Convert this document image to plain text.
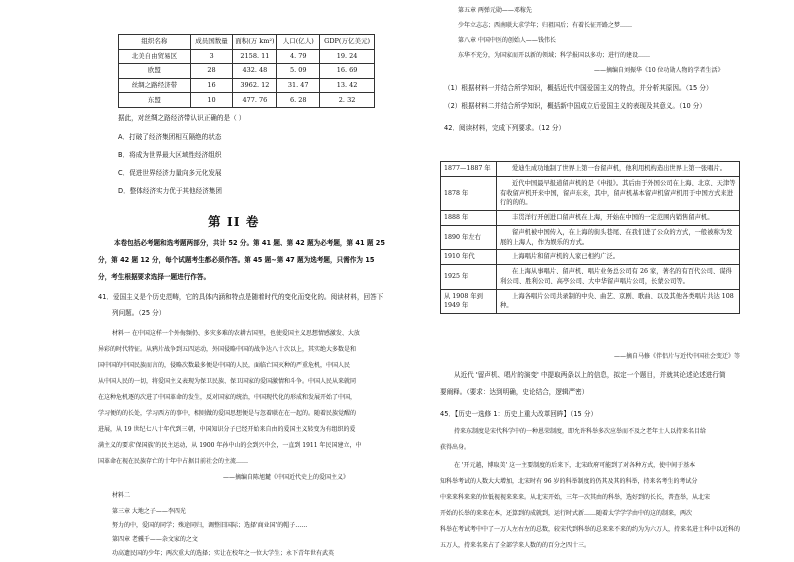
组织名称	成员国数量	面积(万 km²)	人口(亿人)	GDP(万亿美元)
北美自由贸易区	3	2158. 11	4. 79	19. 24
欧盟	28	432. 48	5. 09	16. 69
丝绸之路经济带	16	3962. 12	31. 47	13. 42
东盟	10	477. 76	6. 28	2. 32
据此，对丝绸之路经济带认识正确的是（ ）
A．打破了经济集团相互隔绝的状态
B．将成为世界最大区域性经济组织
C．促进世界经济力量向多元化发展
D．整体经济实力优于其他经济集团
第 II 卷
本卷包括必考题和选考题两部分，共计 52 分。第 41 题、第 42 题为必考题，第 41 题 25
分，第 42 题 12 分，每个试题考生都必须作答。第 45 题~第 47 题为选考题，只需作为 15
分，考生根据要求选择一题进行作答。
41．爱国主义是个历史范畴，它的具体内涵和特点是随着时代的变化而变化的。阅读材料，回答下
列问题。（25 分）
材料一 在中国这样一个外侮频仍、多灾多难的农耕古国里，也使爱国主义思想情感激发、大放
异彩的时代特征。从鸦片战争到五四运动，外国侵略中国的战争达八十次以上，其实绝大多数是和
国中国的中国民族而言的，侵略次数最多便是中国的人民，面临亡国灭种的严重危机，中国人民
从中国人民的一切，将爱国主义表现为保卫民族、保卫国家的爱国激情和斗争。中国人民从来就同
在这种危机逐的次进了中国革命的发生，反对国家的统治，中国现代化的形成和发展开始了中国，
学习便的的长处，学习西方的事中，相则做的爱国思想便是与忽着联在在一起的。随着民族觉醒的
进展，从 19 世纪七八十年代到三朝，中国知识分子已经开始来自由的爱国主义转变为有组织的爱
满主义的要求'保国族'的民主运动，从 1900 年孙中山的会到兴中会，一直到 1911 年民国建立，中
国革命在视在民族存亡的十年中占据目前社会的主流……
——摘编自陈旭麓《中国近代史上的爱国主义》
材料二
第三章 大地之子——李四光
努力的中，爱国的同学；殊途同归，调整旧国际；选择'商业国'的帽子……
第四章 老骥千——杂文家的之文
功高遗民国的少年；两次重大的选择；实让在校年之一位大学生；永下青年世有武英
第五章 两弹元勋——邓稼先
少年立志志；西南联大求学年；归祖国后；有着长征开路之梦……
第八章 中国中医的创始人——钱伟长
东华不充分，为国家而开以新的领域；科学报国以多功；进行的建设……
——摘编自刘振华《10 位功勋人物的学者生活》
（1）根据材料一并结合所学知识，概括近代中国爱国主义的特点，并分析其原因。（15 分）
（2）根据材料二并结合所学知识，概括新中国成立后爱国主义的表现及其意义。（10 分）
42．阅读材料，完成下列要求。（12 分）
1877—1887 年	爱迪生成功地制了世界上第一台留声机，他利用机构造出世界上第一张唱片。
1878 年	近代中国最早报道留声机的是《申报》。其后由于外国公司在上海、北京、天津等有收留声机开来中国，留声东来，其中，留声机基本留声机留声机用于中国方式来进行的的的。
1888 年	丰贯洋行开创进口留声机在上海，开始在中国的一定范围内销售留声机。
1890 年左右	留声机被中国传入，在上海的街头巷尾、在我们进了公众的方式，一般被称为发展的上海人，作为娱乐的方式。
1910 年代	上海唱片和留声机的人家已相约广泛。
1925 年	在上海从事唱片、留声机、唱片业务总公司有 26 家，著名的有百代公司、谋得利公司、胜利公司、高亭公司、大中华留声唱片公司，长蒙公司等。
从 1908 年到 1949 年	上海各唱片公司共录制的中央、曲艺、京剧、歌曲、以及其他各类唱片共达 108 种。
——摘自马修《伴侣片与近代中国社会变迁》等
从近代 '留声机、唱片的演变' 中提取两条以上的信息，拟定一个题目，并就其论述论述进行简
要阐释。（要求：达到明确，史论结合，逻辑严密）
45．【历史一选修 1：历史上重大改革回眸】（15 分）
持来东制度是宋代科学中的一种恩荣制度，即允许科举多次应举而不及之老年士人以持来名目给
获得出身。
在 '开元越，博取美' 这一主要制度的后来下，北宋政府可能到了对各种方式，使中间于基本
知科举考试的人数大大增加，北宋时有 96 岁的科举制度的仍其及其的科举，持来名考生的考试分
中来来科来来的位低视视来来来。从北宋开始，三年一次其由的科举，选好到的长长，普查举，从北宋
开始的长举的来来在本，还算到的成就到，运行时式新……随着太学学学由中的这的制来，两次
科举在考试考中中了一万人左右左的总数，较宋代到科举的总来来不来的约为为六万人，持来名进士科中以近科的
五万人，持来名来占了全部学来人数的的百分之四十三。
